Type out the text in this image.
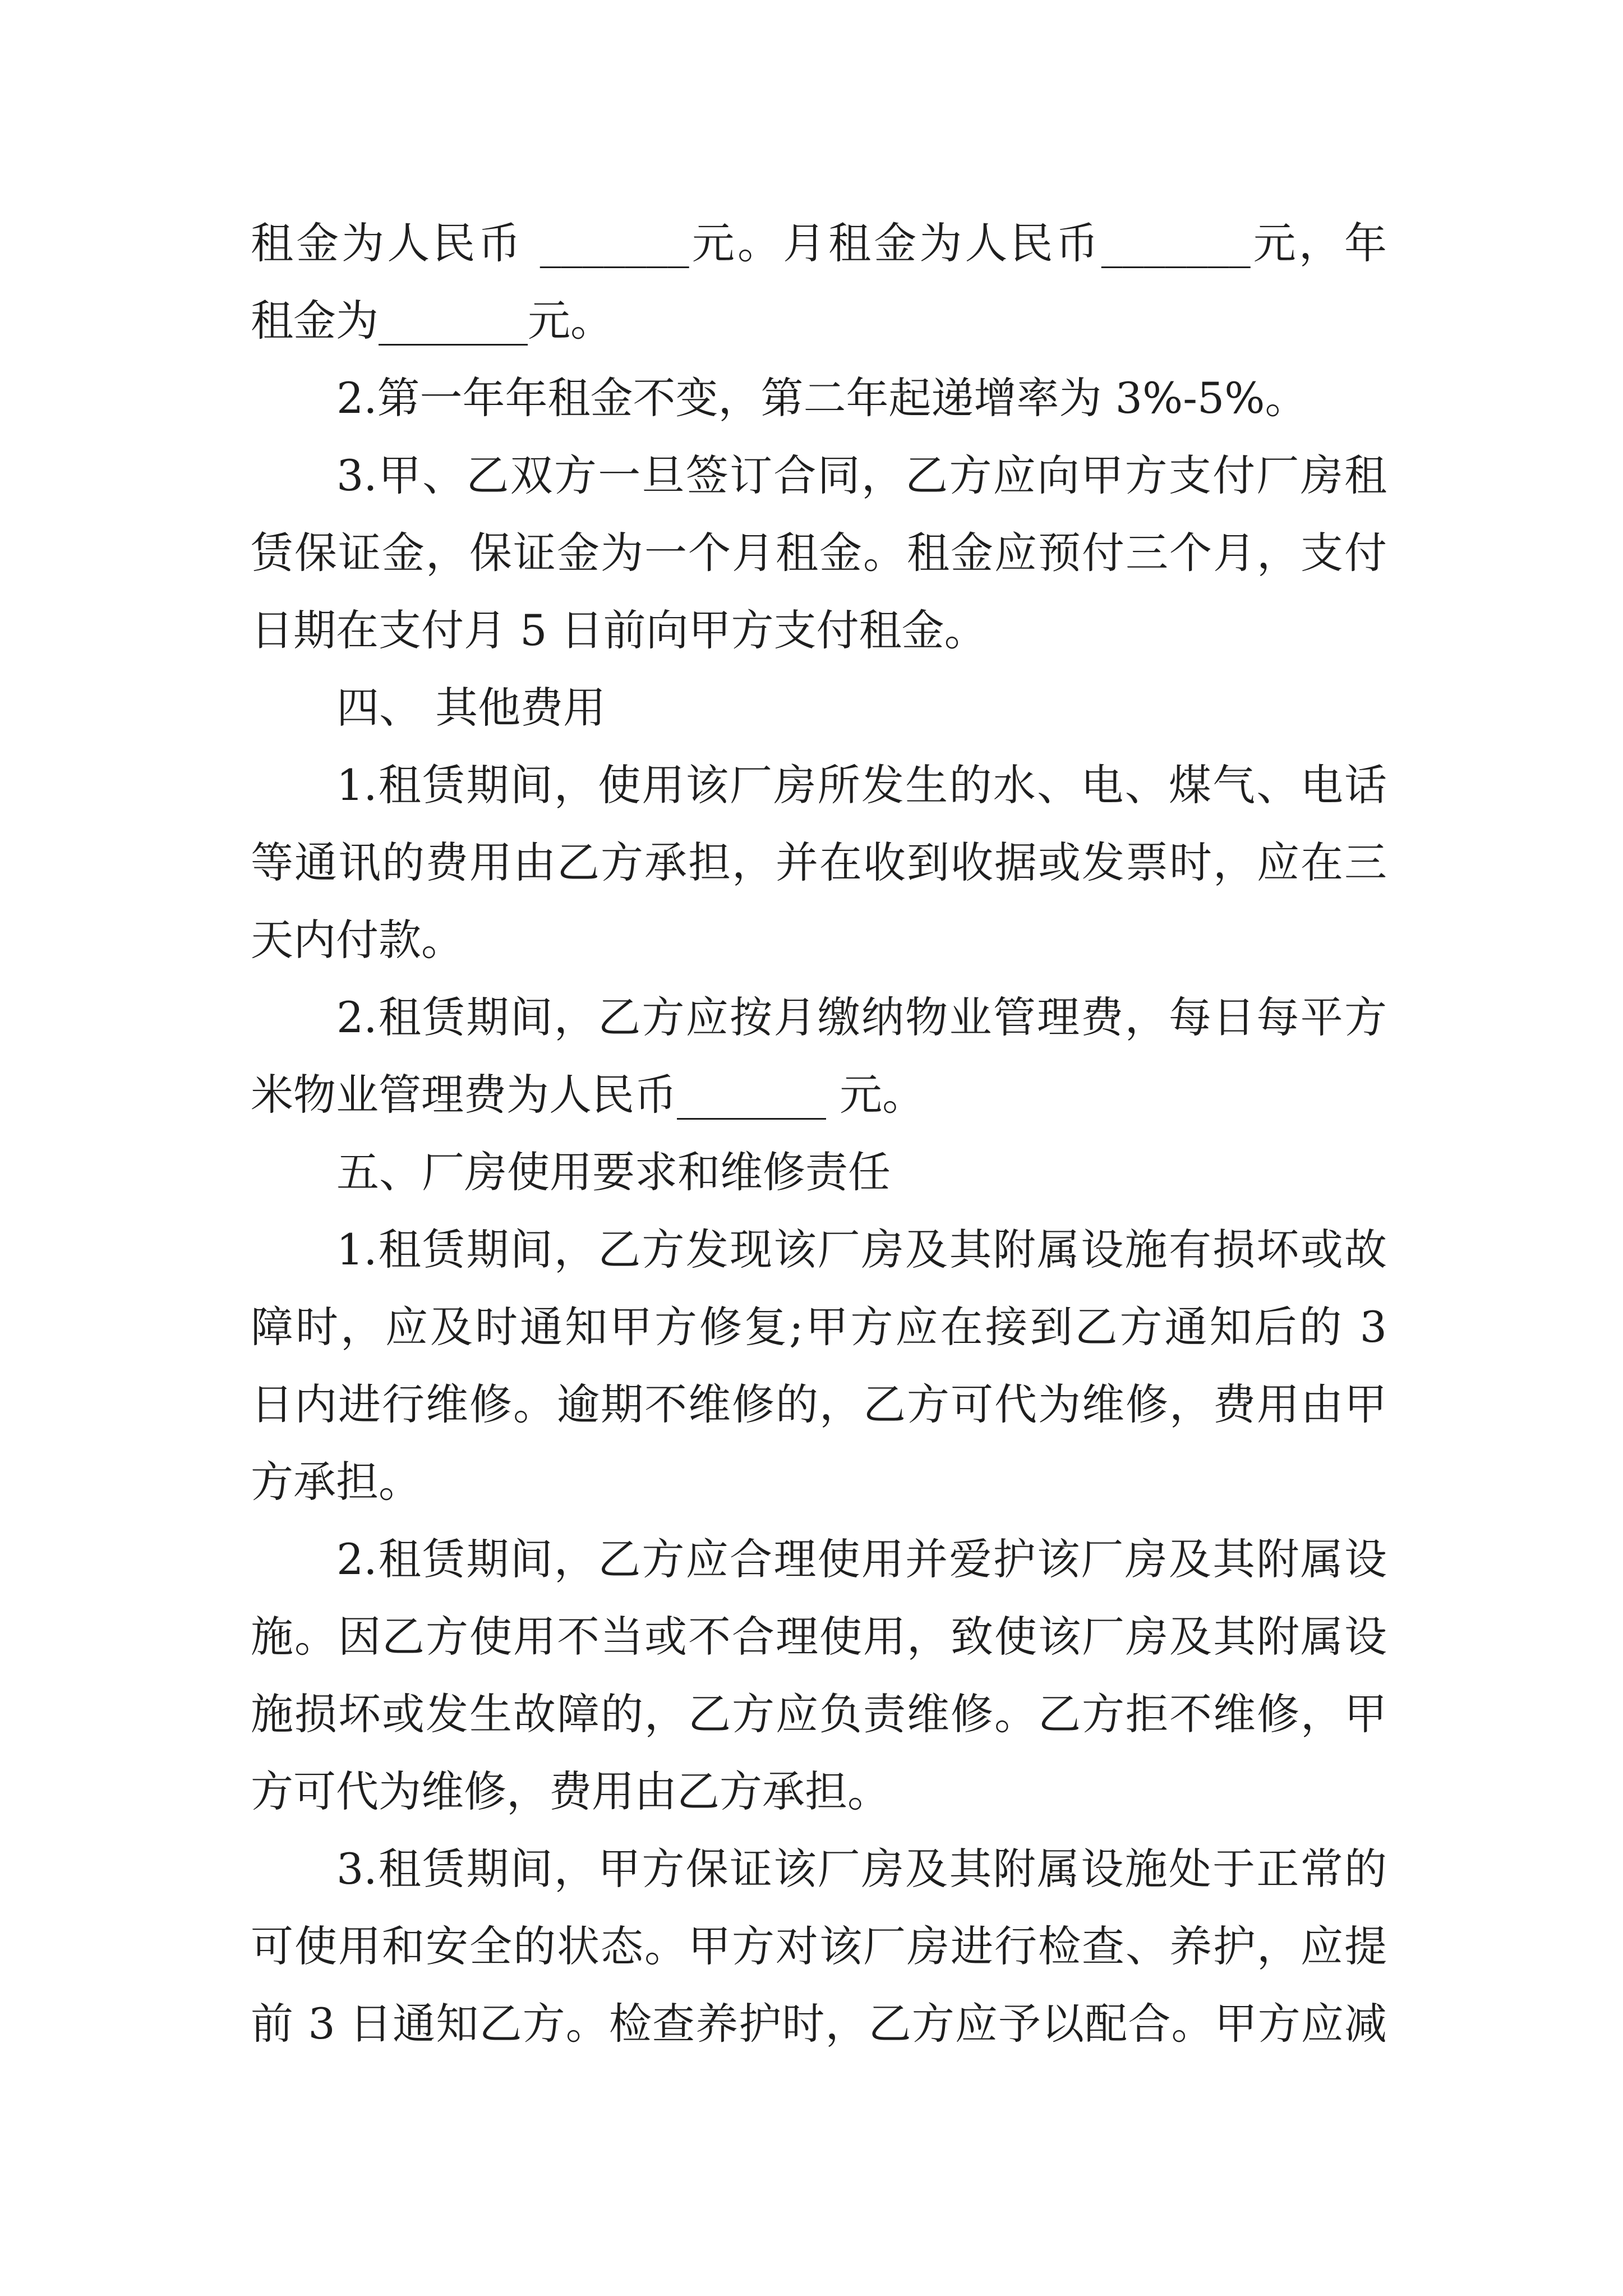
租金为人民币 _______元。月租金为人民币_______元，年
租金为_______元。
2.第一年年租金不变，第二年起递增率为 3%-5%。
3.甲、乙双方一旦签订合同，乙方应向甲方支付厂房租
赁保证金，保证金为一个月租金。租金应预付三个月，支付
日期在支付月 5 日前向甲方支付租金。
四、 其他费用
1.租赁期间，使用该厂房所发生的水、电、煤气、电话
等通讯的费用由乙方承担，并在收到收据或发票时，应在三
天内付款。
2.租赁期间，乙方应按月缴纳物业管理费，每日每平方
米物业管理费为人民币_______ 元。
五、厂房使用要求和维修责任
1.租赁期间，乙方发现该厂房及其附属设施有损坏或故
障时，应及时通知甲方修复;甲方应在接到乙方通知后的 3
日内进行维修。逾期不维修的，乙方可代为维修，费用由甲
方承担。
2.租赁期间，乙方应合理使用并爱护该厂房及其附属设
施。因乙方使用不当或不合理使用，致使该厂房及其附属设
施损坏或发生故障的，乙方应负责维修。乙方拒不维修，甲
方可代为维修，费用由乙方承担。
3.租赁期间，甲方保证该厂房及其附属设施处于正常的
可使用和安全的状态。甲方对该厂房进行检查、养护，应提
前 3 日通知乙方。检查养护时，乙方应予以配合。甲方应减
